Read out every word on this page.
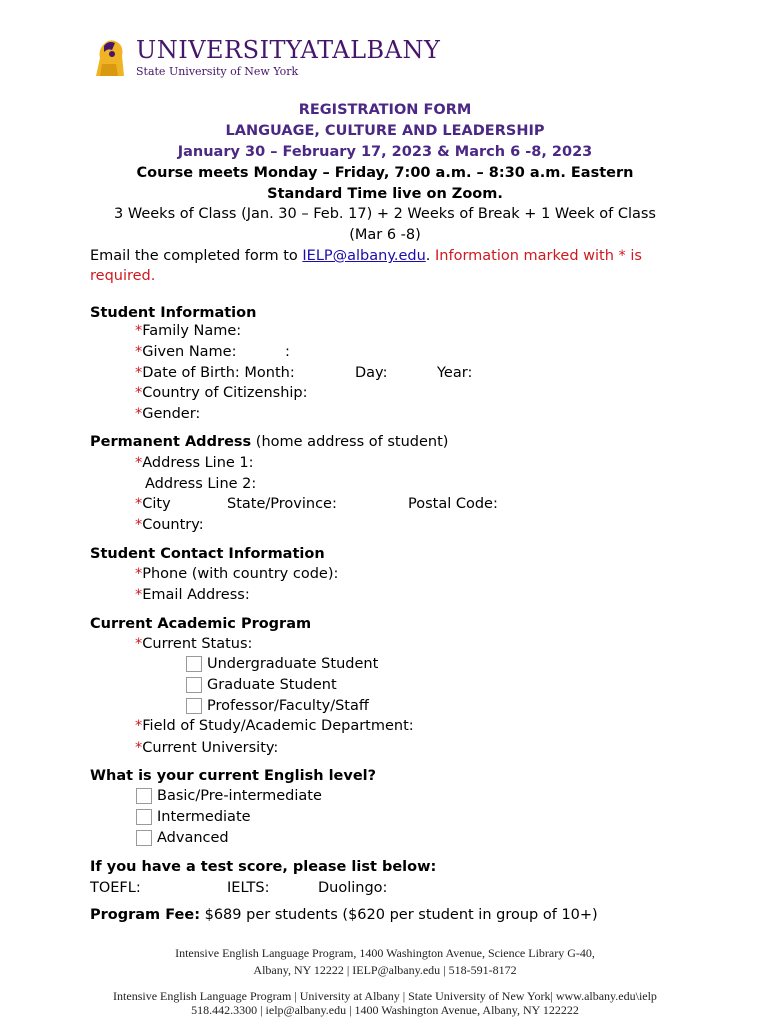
UNIVERSITYATALBANY
State University of New York
REGISTRATION FORM
LANGUAGE, CULTURE AND LEADERSHIP
January 30 – February 17, 2023 & March 6 -8, 2023
Course meets Monday – Friday, 7:00 a.m. – 8:30 a.m. Eastern
Standard Time live on Zoom.
3 Weeks of Class (Jan. 30 – Feb. 17) + 2 Weeks of Break + 1 Week of Class
(Mar 6 -8)
Email the completed form to IELP@albany.edu. Information marked with * is
required.
Student Information
*Family Name:
*Given Name:	:
*Date of Birth: Month:	Day:	Year:
*Country of Citizenship:
*Gender:
Permanent Address (home address of student)
*Address Line 1:
Address Line 2:
*City	State/Province:	Postal Code:
*Country:
Student Contact Information
*Phone (with country code):
*Email Address:
Current Academic Program
*Current Status:
Undergraduate Student
Graduate Student
Professor/Faculty/Staff
*Field of Study/Academic Department:
*Current University:
What is your current English level?
Basic/Pre-intermediate
Intermediate
Advanced
If you have a test score, please list below:
TOEFL:	IELTS:	Duolingo:
Program Fee: $689 per students ($620 per student in group of 10+)
Intensive English Language Program, 1400 Washington Avenue, Science Library G-40,
Albany, NY 12222 | IELP@albany.edu | 518-591-8172
Intensive English Language Program | University at Albany | State University of New York| www.albany.edu\ielp
518.442.3300 | ielp@albany.edu | 1400 Washington Avenue, Albany, NY 122222
